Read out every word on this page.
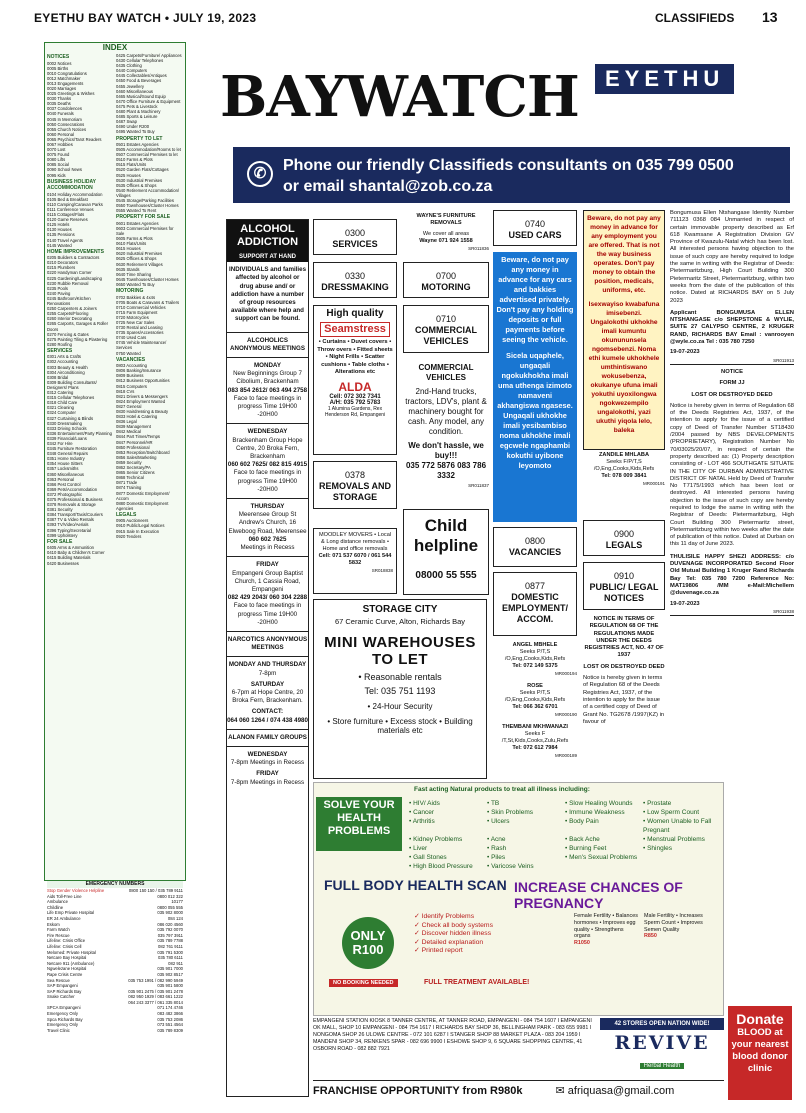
EYETHU BAY WATCH • JULY 19, 2023	CLASSIFIEDS 13
INDEX
NOTICES
0002 Notices
0005 Births
0010 Congratulations
0012 Matchmaker
0013 Engagements
0020 Marriages
0025 Greetings & Wishes
0030 Thanks
0035 Deaths
0037 Condolences
0040 Funerals
0045 In Memoriam
0050 Consecrations
0055 Church Notices
0060 Personal
0065 Psychics/Tarot Readers
0067 Hobbies
0070 Lost
0075 Found
0080 Lifts
0085 Social
0090 School News
0095 Kids
BUSINESS HOLIDAY ACCOMMODATION
0104 Holiday Accommodation
0105 Bed & Breakfast
0110 Camping/Caravan Parks
0111 Conference Venues
0115 Cottages/Flats
0120 Game Reserves
0125 Hotels
0130 Houses
0135 Pensions
0140 Travel Agents
0145 Wanted
HOME IMPROVEMENTS
0205 Builders & Contractors
0210 Decorators
0215 Plumbers
0220 Handyman Corner
0225 Gardening/Landscaping
0230 Rubble Removal
0235 Pools
0240 Paving
0245 Bathroom/Kitchen Renovations
0250 Carpenters & Joiners
0255 Carpets/Flooring
0260 Interior Decorating
0265 Carports, Garages & Roller Doors
0270 Fencing & Gates
0275 Painting Tiling & Plastering
0280 Roofing
SERVICES
0301 Arts & Crafts
0302 Accounting
0303 Beauty & Health
0304 Airconditioning
0308 Bridal
0309 Building Consultants/ Designers/ Plans
0312 Catering
0315 Cellular Telephones
0318 Child Care
0321 Cleaning
0324 Computer
0327 Curtaining & Blinds
0330 Dressmaking
0333 Driving Schools
0336 Entertainment/Party Planning
0339 Financial/Loans
0342 For Hire
0345 Furniture Restoration
0348 General Repairs
0351 Home Industry
0354 House Sitters
0357 Locksmiths
0360 Miscellaneous
0363 Personal
0366 Pest Control
0369 Pets/Accommodation
0372 Photographic
0375 Professional & Business
0378 Removals & Storage
0381 Security
0384 Transport/Taxis/Couriers
0387 TV & Video Rentals
0393 TV/Video/Aerials
0396 Typing/Secretarial
0399 Upholstery
FOR SALE
0405 Arms & Ammunition
0410 Baby & Children's Corner
0415 Building Materials
0420 Businesses
0425 Carpets/Furniture/ Appliances
0430 Cellular Telephones
0435 Clothing
0440 Computers
0445 Collectables/Antiques
0450 Food & Beverages
0455 Jewellery
0460 Miscellaneous
0465 Musical/Sound Equip
0470 Office Furniture & Equipment
0475 Pets & Livestock
0480 Plant & Machinery
0485 Sports & Leisure
0487 Swap
0490 Under R200
0495 Wanted To Buy
PROPERTY TO LET
0501 Estates Agencies
0505 Accommodation/Rooms to let
0507 Commercial Premises to let
0510 Farms & Plots
0515 Flats/Units
0520 Garden Flats/Cottages
0525 Houses
0530 Industrial Premises
0535 Offices & Shops
0540 Retirement Accommodation/ Villages
0545 Storage/Parking Facilities
0550 Townhouses/Cluster Homes
0555 Wanted To Rent
PROPERTY FOR SALE
0601 Estates Agencies
0603 Commercial Premises for Sale
0605 Farms & Plots
0610 Flats/Units
0615 Houses
0620 Industrial Premises
0625 Offices & Shops
0630 Retirement Villages
0635 Stands
0640 Time Sharing
0645 Townhouses/Cluster Homes
0650 Wanted To Buy
MOTORING
0702 Bakkies & 4x4s
0705 Boats & Caravans & Trailers
0710 Commercial Vehicles
0715 Farm Equipment
0720 Motorcycles
0725 New Car Sales
0730 Rental and Leasing
0735 Spares/Accessories
0740 Used Cars
0745 Vehicle Maintenance/ Services
0750 Wanted
VACANCIES
0803 Accounting
0806 Banking/Insurance
0809 Business
0812 Business Opportunities
0815 Computers
0818 CVs
0821 Drivers & Messengers
0824 Employment Wanted
0827 General
0830 Hairdressing & Beauty
0833 Hotel & Catering
0836 Legal
0839 Management
0842 Medical
0844 Part Times/Temps
0847 Personnel/HR
0850 Professional
0853 Reception/Switchboard
0856 Sales/Marketing
0859 Security
0862 Secretary/PA
0865 Senior Citizens
0868 Technical
0871 Trade
0874 Training
0877 Domestic Employment/ Accom
0880 Domestic Employment Agencies
LEGALS
0905 Auctioneers
0910 Public/Legal Notices
0915 Sale In Execution
0920 Tenders
EMERGENCY NUMBERS
Stop Gender Violence Helpline	0800 150 150 / 035 789 9111
Aids Toll-Free Line	0800 012 322
Ambulance	10177
Childline	0800 055 555
Life Emp Private Hospital	035 902 8000
ER 24 Ambulance	084 124
Eskom	086 020 4560
Farm Watch	035 792 0070
Fire Rescue	035 797 3911
Lifeline: Crisis Office	035 789 7788
Lifeline: Crisis Cell	082 761 9111
Melomed: Private Hospital	035 791 5300
Netcare Bay Hospital	035 780 6111
Netcare 911 (Ambulance)	082 911
Ngwelezane Hospital	035 901 7000
Rape Crisis Centre	035 902 8517
Sea Rescue	035 753 1991 / 082 990 5949
SAP Empangeni	035 901 5800
SAP Richards Bay	035 901 2475 / 035 901 2478
Snake Catcher	082 950 1929 / 083 661 1222
064 243 3377 / 061 335 8014
SPCA Empangeni	071 174 4746
Emergency Only	083 482 3866
Spca Richards Bay	035 753 2086
Emergency Only	073 551 4564
Travel Clinic	035 789 8309
EYETHU
BAYWATCH
✆	Phone our friendly Classifieds consultants on 035 799 0500
or email shantal@zob.co.za
ALCOHOL ADDICTION
SUPPORT AT HAND
INDIVIDUALS and families affected by alcohol or drug abuse and/ or addiction have a number of group resources available where help and support can be found.
ALCOHOLICS ANONYMOUS MEETINGS
MONDAY
New Beginnings Group 7 Cibolium, Brackenham
083 854 2612/ 063 494 2758
Face to face meetings in progress Time 19H00 -20H00
WEDNESDAY
Brackenham Group Hope Centre, 20 Broka Fern, Brackenham
060 602 7625/ 082 815 4915
Face to face meetings in progress Time 19H00 -20H00
THURSDAY
Meerensee Group St Andrew's Church, 16 Elweboog Road, Meerensee
060 602 7625
Meetings in Recess
FRIDAY
Empangeni Group Baptist Church, 1 Cassia Road, Empangeni
082 429 2043/ 060 304 2288
Face to face meetings in progress Time 19H00 -20H00
NARCOTICS ANONYMOUS MEETINGS
MONDAY AND THURSDAY
7-8pm
SATURDAY
6-7pm at Hope Centre, 20 Broka Fern, Brackenham.
CONTACT:
064 060 1264 / 074 438 4980
ALANON FAMILY GROUPS
WEDNESDAY
7-8pm Meetings in Recess
FRIDAY
7-8pm Meetings in Recess
0300
SERVICES
0330
DRESSMAKING
High quality
Seamstress
• Curtains • Duvet covers • Throw overs • Fitted sheets • Night Frills • Scatter cushions • Table cloths • Alterations etc
ALDA
Cell: 072 302 7341
A/H: 035 792 5783
1 Alumina Gardens, Rex Henderson Rd, Empangeni
0378
REMOVALS AND STORAGE
MOODLEY MOVERS • Local & Long distance removals • Home and office removals
Cell: 071 537 6070 / 061 544 5832
SR018838
WAYNE'S FURNITURE REMOVALS
We cover all areas
Wayne 071 924 1558
SR011836
0700
MOTORING
0710
COMMERCIAL VEHICLES
COMMERCIAL VEHICLES
2nd-Hand trucks, tractors, LDV's, plant & machinery bought for cash. Any model, any condition.
We don't hassle, we buy!!!
035 772 5876 083 786 3332
SR011837
Child helpline
08000 55 555
0740
USED CARS
Beware, do not pay any money in advance for any cars and bakkies advertised privately. Don't pay any holding deposits or full payments before seeing the vehicle.
Sicela uqaphele, ungaqali ngokukhokha imali uma uthenga izimoto namaveni akhangiswa ngasese. Ungaqali ukhokhe imali yesibambiso noma ukhokhe imali egcwele ngaphambi kokuthi uyibone leyomoto
0800
VACANCIES
0877
DOMESTIC EMPLOYMENT/ ACCOM.
ANGEL MBHELE
Seeks P/T,S /O,Eng,Cooks,Kids,Refs
Tel: 072 149 5375
MR000194
ROSE
Seeks P/T,S /O,Eng,Cooks,Kids,Refs
Tel: 066 362 6701
MR000190
THEMBANI MKHWANAZI
Seeks F /T,St,Kids,Cooks,Zulu,Refs
Tel: 072 612 7984
MR000189
Beware, do not pay any money in advance for any employment you are offered. That is not the way business operates. Don't pay money to obtain the position, medicals, uniforms, etc.
Isexwayiso kwabafuna imisebenzi. Ungalokothi ukhokhe imali kumuntu okunununsela ngomsebenzi. Noma ethi kumele ukhokhele umthintiswano wokusebenza, okukanye ufuna imali yokuthi uyoxilongwa ngokwezempilo ungalokothi, yazi ukuthi yiqola lelo, baleka
ZANDILE MHLABA
Seeks F/P/T,S /O,Eng,Cooks,Kids,Refs
Tel: 078 009 3841
MR000191
0900
LEGALS
0910
PUBLIC/ LEGAL NOTICES
NOTICE IN TERMS OF REGULATION 68 OF THE REGULATIONS MADE UNDER THE DEEDS REGISTRIES ACT, NO. 47 OF 1937
LOST OR DESTROYED DEED
Notice is hereby given in terms of Regulation 68 of the Deeds Registries Act, 1937, of the intention to apply for the issue of a certified copy of Deed of Grant No. TG2678 /1997(KZ) in favour of
Bongumusa Ellen Ntshangase Identity Number 711123 0368 084 Unmarried in respect of certain immovable property described as Erf 618 Kwamsane A Registration Division GV Province of Kwazulu-Natal which has been lost. All interested persons having objection to the issue of such copy are hereby required to lodge the same in writing with the Registrar of Deeds: Pietermaritzburg, High Court Building 300 Pietermaritz Street, Pietermaritzburg, within two weeks from the date of the publication of this notice. Dated at RICHARDS BAY on 5 July 2023
Applicant BONGUMUSA ELLEN NTSHANGASE c/o SHEPSTONE & WYLIE, SUITE 27 CALYPSO CENTRE, 2 KRUGER RAND, RICHARDS BAY Email : vanrooyen @wyle.co.za Tel : 035 780 7250
19-07-2023
SR011913
NOTICE
FORM JJ
LOST OR DESTROYED DEED
Notice is hereby given in terms of Regulation 68 of the Deeds Registries Act, 1937, of the intention to apply for the issue of a certified copy of Deed of Transfer Number ST18430 /2004 passed by NBS DEVELOPMENTS (PROPRIETARY), Registration Number No 70/03025/20/07, in respect of certain the property described as: (1) Property description consisting of - LOT 466 SOUTHGATE SITUATE IN THE CITY OF DURBAN ADMINISTRATIVE DISTRICT OF NATAL Held by Deed of Transfer No T7175/1993 which has been lost or destroyed. All interested persons having objection to the issue of such copy are hereby required to lodge the same in writing with the Registrar of Deeds: Pietermaritzburg, High Court Building 300 Pietermaritz street, Pietermaritzburg within two weeks after the date of publication of this notice. Dated at Durban on this 11 day of June 2023.
THULISILE HAPPY SHEZI ADDRESS: c/o DUVENAGE INCORPORATED Second Floor Old Mutual Building 1 Kruger Rand Richards Bay Tel: 035 780 7200 Reference No: MAT19806 /MM e-Mail:Michellem @duvenage.co.za
19-07-2023
SR011938
STORAGE CITY
67 Ceramic Curve, Alton, Richards Bay
MINI WAREHOUSES TO LET
• Reasonable rentals
Tel: 035 751 1193
• 24-Hour Security
• Store furniture • Excess stock • Building materials etc
SOLVE YOUR HEALTH PROBLEMS
Fast acting Natural products to treat all illness including:
• HIV/ Aids	• TB	• Slow Healing Wounds	• Prostate
• Cancer	• Skin Problems	• Immune Weakness	• Low Sperm Count
• Arthritis	• Ulcers	• Body Pain	• Women Unable to Fall Pregnant
• Kidney Problems	• Acne	• Back Ache	• Menstrual Problems
• Liver	• Rash	• Burning Feet	• Shingles
• Gall Stones	• Piles	• Men's Sexual Problems
• High Blood Pressure	• Varicose Veins
FULL BODY HEALTH SCAN INCREASE CHANCES OF PREGNANCY
✓ Identify Problems
✓ Check all body systems
✓ Discover hidden illness
✓ Detailed explanation
✓ Printed report
Female Fertility • Balances hormones • Improves egg quality • Strengthens organs
R1050
Male Fertility • Increases Sperm Count • Improves Semen Quality
R850
ONLY R100
NO BOOKING NEEDED	FULL TREATMENT AVAILABLE!
EMPANGENI STATION KIOSK 8 TANNER CENTRE, AT TANNER ROAD, EMPANGENI - 084 754 1607 I EMPANGENI OK MALL, SHOP 10 EMPANGENI - 084 754 1617 I RICHARDS BAY SHOP 36, BELLINGHAM PARK - 083 655 9981 I NONGOMA SHOP 26 ULOWE CENTRE - 072 101 6287 I STANGER SHOP 88 MARKET PLAZA - 083 204 1959 I MANDENI SHOP 34, RENKENS SPAR - 082 696 9900 I ESHOWE SHOP 9, 6 SQUARE SHOPPING CENTRE, 41 OSBORN ROAD - 082 882 7921
42 STORES OPEN NATION WIDE!
REVIVE
Herbal Health
FRANCHISE OPPORTUNITY from R980k	✉ afriquasa@gmail.com
Donate
BLOOD at your nearest blood donor clinic
